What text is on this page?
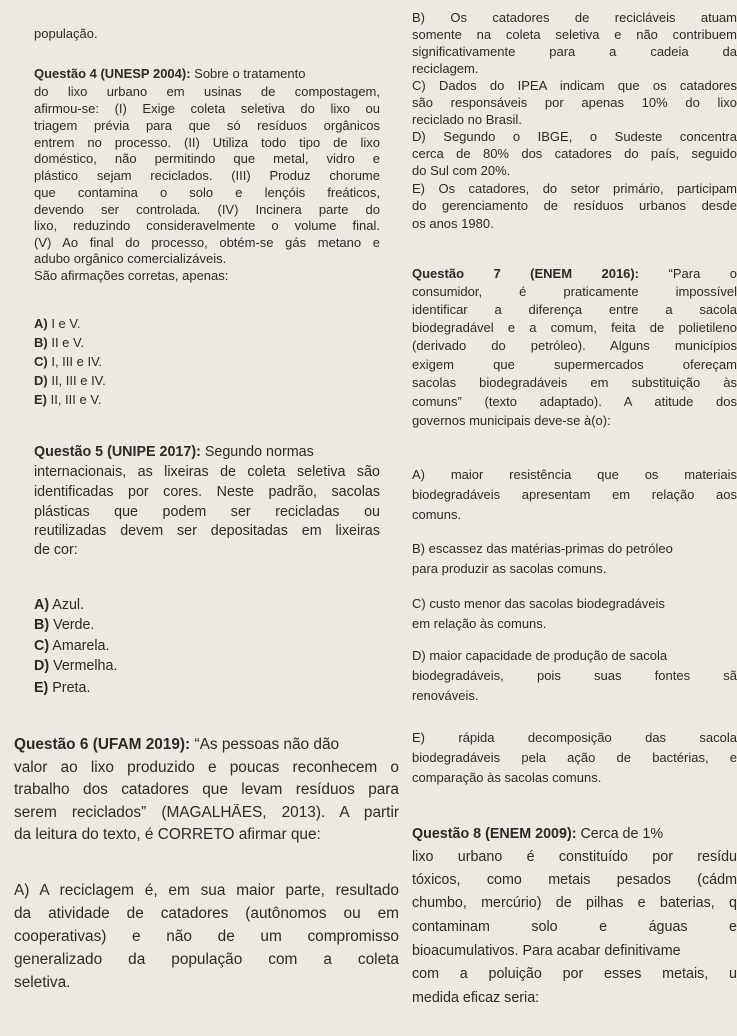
população.
Questão 4 (UNESP 2004): Sobre o tratamento
do lixo urbano em usinas de compostagem,
afirmou-se: (I) Exige coleta seletiva do lixo ou
triagem prévia para que só resíduos orgânicos
entrem no processo. (II) Utiliza todo tipo de lixo
doméstico, não permitindo que metal, vidro e
plástico sejam reciclados. (III) Produz chorume
que contamina o solo e lençóis freáticos,
devendo ser controlada. (IV) Incinera parte do
lixo, reduzindo consideravelmente o volume final.
(V) Ao final do processo, obtém-se gás metano e
adubo orgânico comercializáveis.
São afirmações corretas, apenas:
A) I e V.
B) II e V.
C) I, III e IV.
D) II, III e IV.
E) II, III e V.
Questão 5 (UNIPE 2017): Segundo normas
internacionais, as lixeiras de coleta seletiva são
identificadas por cores. Neste padrão, sacolas
plásticas que podem ser recicladas ou
reutilizadas devem ser depositadas em lixeiras
de cor:
A) Azul.
B) Verde.
C) Amarela.
D) Vermelha.
E) Preta.
Questão 6 (UFAM 2019): “As pessoas não dão
valor ao lixo produzido e poucas reconhecem o
trabalho dos catadores que levam resíduos para
serem reciclados” (MAGALHÃES, 2013). A partir
da leitura do texto, é CORRETO afirmar que:
A) A reciclagem é, em sua maior parte, resultado
da atividade de catadores (autônomos ou em
cooperativas) e não de um compromisso
generalizado da população com a coleta
seletiva.
B) Os catadores de recicláveis atuam
somente na coleta seletiva e não contribuem
significativamente para a cadeia da
reciclagem.
C) Dados do IPEA indicam que os catadores
são responsáveis por apenas 10% do lixo
reciclado no Brasil.
D) Segundo o IBGE, o Sudeste concentra
cerca de 80% dos catadores do país, seguido
do Sul com 20%.
E) Os catadores, do setor primário, participam
do gerenciamento de resíduos urbanos desde
os anos 1980.
Questão 7 (ENEM 2016): “Para o
consumidor, é praticamente impossível
identificar a diferença entre a sacola
biodegradável e a comum, feita de polietileno
(derivado do petróleo). Alguns municípios
exigem que supermercados ofereçam
sacolas biodegradáveis em substituição às
comuns” (texto adaptado). A atitude dos
governos municipais deve-se à(o):
A) maior resistência que os materiais
biodegradáveis apresentam em relação aos
comuns.
B) escassez das matérias-primas do petróleo
para produzir as sacolas comuns.
C) custo menor das sacolas biodegradáveis
em relação às comuns.
D) maior capacidade de produção de sacola
biodegradáveis, pois suas fontes sã
renováveis.
E) rápida decomposição das sacola
biodegradáveis pela ação de bactérias, e
comparação às sacolas comuns.
Questão 8 (ENEM 2009): Cerca de 1%
lixo urbano é constituído por resídu
tóxicos, como metais pesados (cádm
chumbo, mercúrio) de pilhas e baterias, q
contaminam solo e águas e
bioacumulativos. Para acabar definitivame
com a poluição por esses metais, u
medida eficaz seria:
